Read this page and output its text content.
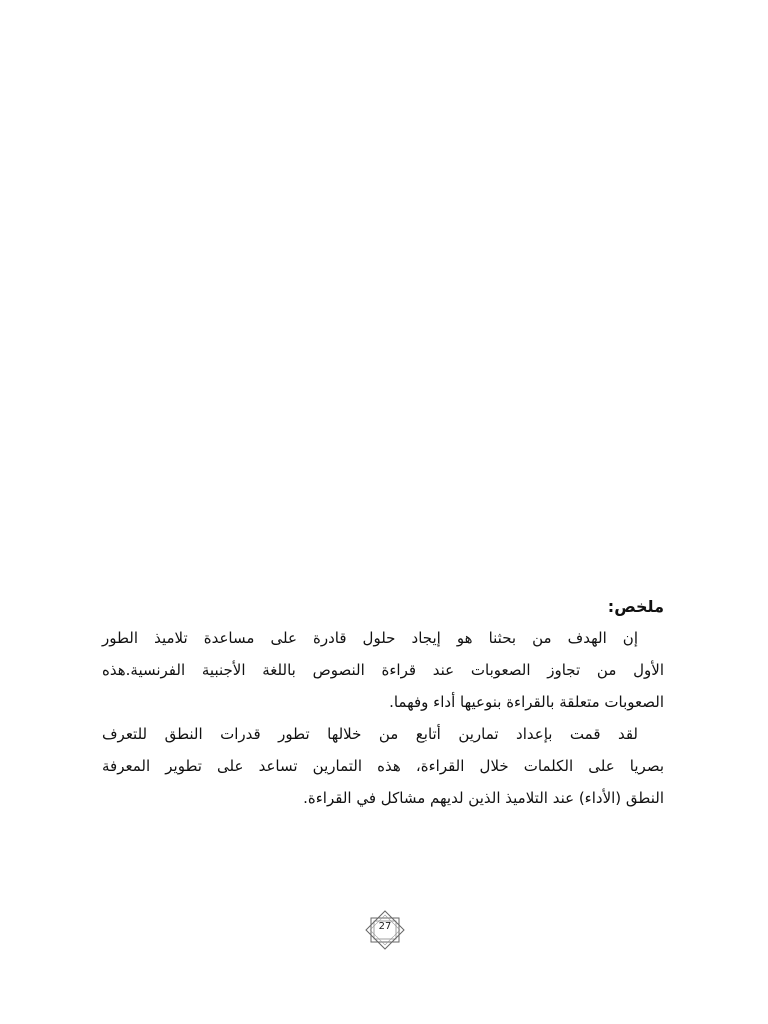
ملخص:

إن الهدف من بحثنا هو إيجاد حلول قادرة على مساعدة تلاميذ الطور
الأول من تجاوز الصعوبات عند قراءة النصوص باللغة الأجنبية الفرنسية.هذه
الصعوبات متعلقة بالقراءة بنوعيها أداء وفهما.

لقد قمت بإعداد تمارين أتابع من خلالها تطور قدرات النطق للتعرف
بصريا على الكلمات خلال القراءة، هذه التمارين تساعد على تطوير المعرفة
النطق (الأداء) عند التلاميذ الذين لديهم مشاكل في القراءة.

27
